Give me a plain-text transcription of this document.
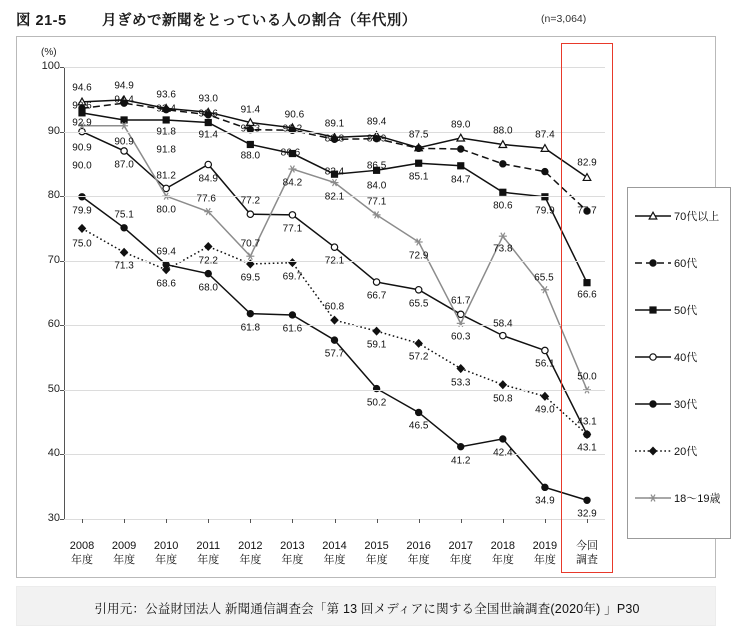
図 21-5 月ぎめで新聞をとっている人の割合（年代別）	(n=3,064)
(%)
30
40
50
60
70
80
90
100
2008
年度
2009
年度
2010
年度
2011
年度
2012
年度
2013
年度
2014
年度
2015
年度
2016
年度
2017
年度
2018
年度
2019
年度
今回
調査
94.6 94.9
93.6 93.0
91.4 90.6
89.1 89.4
87.5
89.0
88.0 87.4
82.9
93.6
94.4
93.4 92.6
90.3 90.2
88.8 88.9
77.7
92.9
91.8 91.4
88.0 86.6
86.5
83.4
84.0
85.1 84.7
80.6 79.9
66.6
90.9
90.9
91.8
90.0 87.0
81.2 84.9
77.6
80.0
77.2
70.7
77.1
84.2
82.1
72.1
77.1
66.7
72.9
65.5 61.7
60.3
58.4
73.8
65.5
56.1
50.0
43.1
79.9 75.1
69.4
68.0
61.8 61.6
57.7
50.2
46.5
41.2
42.4
34.9
32.9
75.0
71.3
68.6
72.2
69.5 69.7
60.8
59.1
57.2
53.3
50.8
49.0
43.1
70代以上
60代
50代
40代
30代
20代
18～19歳
引用元：公益財団法人 新聞通信調査会「第 13 回メディアに関する全国世論調査(2020年) 」P30
